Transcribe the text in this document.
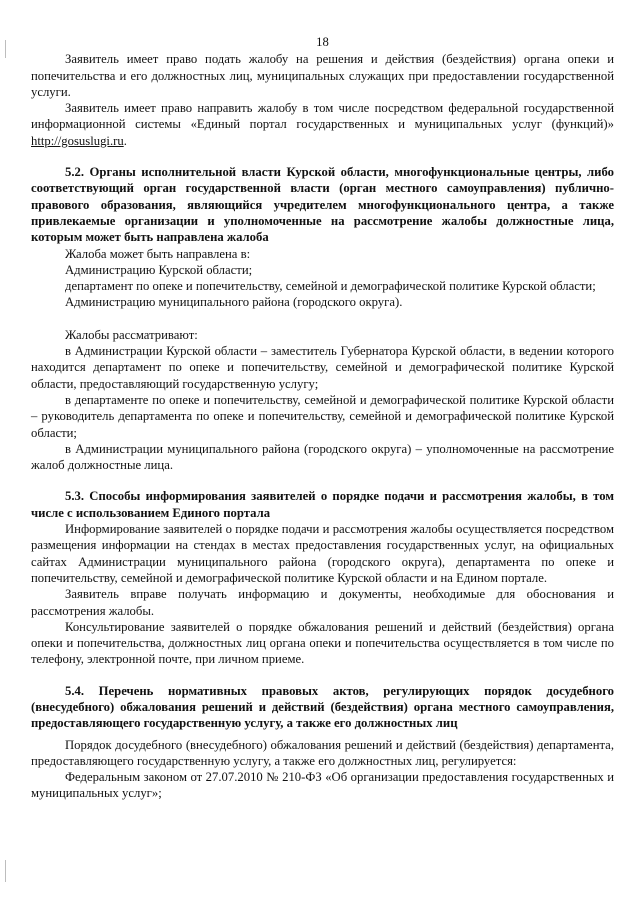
18

Заявитель имеет право подать жалобу на решения и действия (бездействия) органа опеки и попечительства и его должностных лиц, муниципальных служащих при предоставлении государственной услуги.

Заявитель имеет право направить жалобу в том числе посредством федеральной государственной информационной системы «Единый портал государственных и муниципальных услуг (функций)» http://gosuslugi.ru.

5.2. Органы исполнительной власти Курской области, многофункциональные центры, либо соответствующий орган государственной власти (орган местного самоуправления) публично-правового образования, являющийся учредителем многофункционального центра, а также привлекаемые организации и уполномоченные на рассмотрение жалобы должностные лица, которым может быть направлена жалоба

Жалоба может быть направлена в:

Администрацию Курской области;

департамент по опеке и попечительству, семейной и демографической политике Курской области;

Администрацию муниципального района (городского округа).

Жалобы рассматривают:

в Администрации Курской области – заместитель Губернатора Курской области, в ведении которого находится департамент по опеке и попечительству, семейной и демографической политике Курской области, предоставляющий государственную услугу;

в департаменте по опеке и попечительству, семейной и демографической политике Курской области – руководитель департамента по опеке и попечительству, семейной и демографической политике Курской области;

в Администрации муниципального района (городского округа) – уполномоченные на рассмотрение жалоб должностные лица.

5.3. Способы информирования заявителей о порядке подачи и рассмотрения жалобы, в том числе с использованием Единого портала

Информирование заявителей о порядке подачи и рассмотрения жалобы осуществляется посредством размещения информации на стендах в местах предоставления государственных услуг, на официальных сайтах Администрации муниципального района (городского округа), департамента по опеке и попечительству, семейной и демографической политике Курской области и на Едином портале.

Заявитель вправе получать информацию и документы, необходимые для обоснования и рассмотрения жалобы.

Консультирование заявителей о порядке обжалования решений и действий (бездействия) органа опеки и попечительства, должностных лиц органа опеки и попечительства осуществляется в том числе по телефону, электронной почте, при личном приеме.

5.4. Перечень нормативных правовых актов, регулирующих порядок досудебного (внесудебного) обжалования решений и действий (бездействия) органа местного самоуправления, предоставляющего государственную услугу, а также его должностных лиц

Порядок досудебного (внесудебного) обжалования решений и действий (бездействия) департамента, предоставляющего государственную услугу, а также его должностных лиц, регулируется:

Федеральным законом от 27.07.2010 № 210-ФЗ «Об организации предоставления государственных и муниципальных услуг»;
